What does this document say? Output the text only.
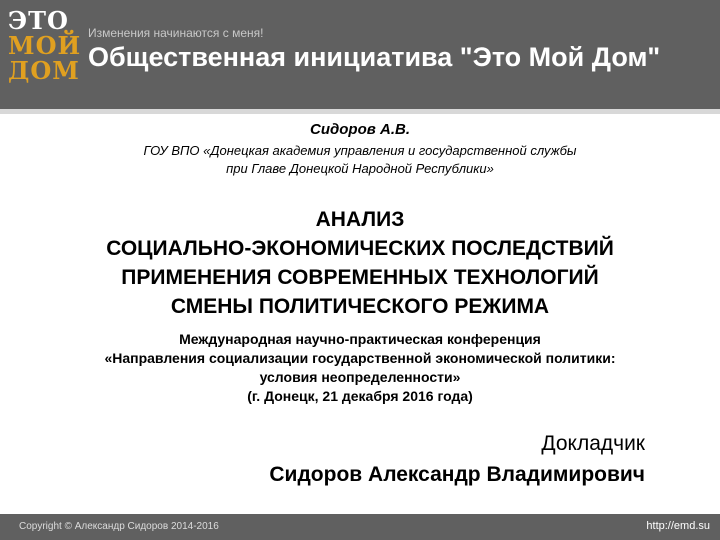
ЭТО
МОЙ
ДОМ
Изменения начинаются с меня!
Общественная инициатива "Это Мой Дом"
Сидоров А.В.
ГОУ ВПО «Донецкая академия управления и государственной службы
при Главе Донецкой Народной Республики»
АНАЛИЗ
СОЦИАЛЬНО-ЭКОНОМИЧЕСКИХ ПОСЛЕДСТВИЙ
ПРИМЕНЕНИЯ СОВРЕМЕННЫХ ТЕХНОЛОГИЙ
СМЕНЫ ПОЛИТИЧЕСКОГО РЕЖИМА
Международная научно-практическая конференция
«Направления социализации государственной экономической политики:
условия неопределенности»
(г. Донецк, 21 декабря 2016 года)
Докладчик
Сидоров Александр Владимирович
Copyright © Александр Сидоров 2014-2016	http://emd.su
